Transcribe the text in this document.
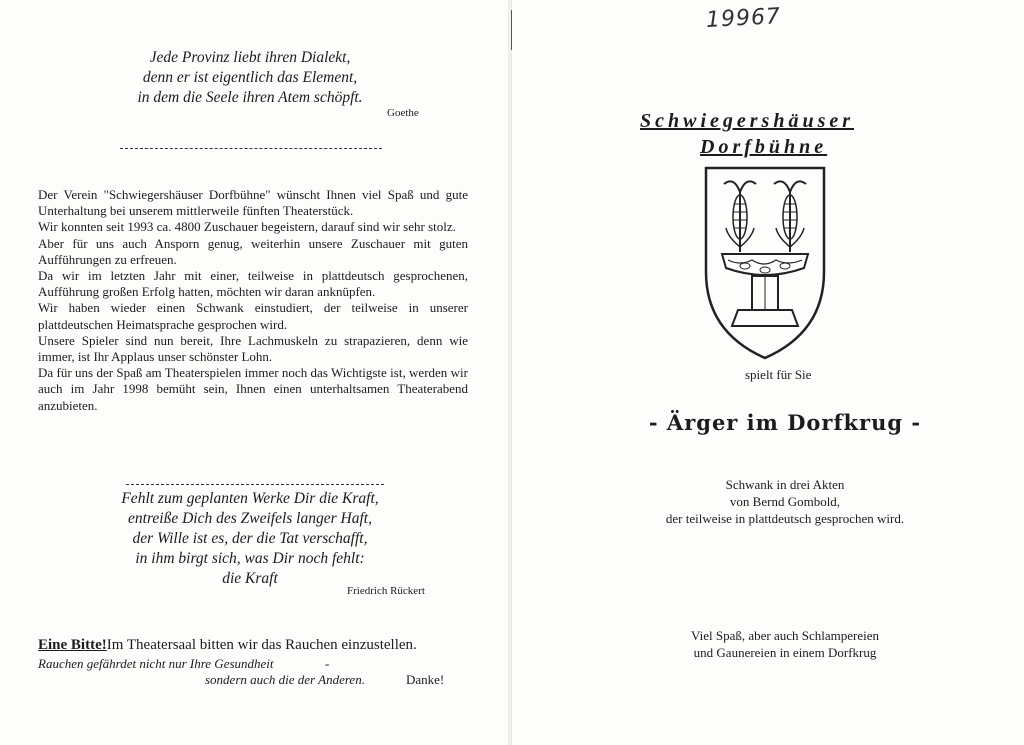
Jede Provinz liebt ihren Dialekt,
denn er ist eigentlich das Element,
in dem die Seele ihren Atem schöpft.
Goethe

Der Verein "Schwiegershäuser Dorfbühne" wünscht Ihnen viel Spaß und gute Unterhaltung bei unserem mittlerweile fünften Theaterstück.

Wir konnten seit 1993 ca. 4800 Zuschauer begeistern, darauf sind wir sehr stolz.

Aber für uns auch Ansporn genug, weiterhin unsere Zuschauer mit guten Aufführungen zu erfreuen.

Da wir im letzten Jahr mit einer, teilweise in plattdeutsch gesprochenen, Aufführung großen Erfolg hatten, möchten wir daran anknüpfen.

Wir haben wieder einen Schwank einstudiert, der teilweise in unserer plattdeutschen Heimatsprache gesprochen wird.

Unsere Spieler sind nun bereit, Ihre Lachmuskeln zu strapazieren, denn wie immer, ist Ihr Applaus unser schönster Lohn.

Da für uns der Spaß am Theaterspielen immer noch das Wichtigste ist, werden wir auch im Jahr 1998 bemüht sein, Ihnen einen unterhaltsamen Theaterabend anzubieten.

Fehlt zum geplanten Werke Dir die Kraft,
entreiße Dich des Zweifels langer Haft,
der Wille ist es, der die Tat verschafft,
in ihm birgt sich, was Dir noch fehlt:
die Kraft
Friedrich Rückert
Eine Bitte!Im Theatersaal bitten wir das Rauchen einzustellen.
Rauchen gefährdet nicht nur Ihre Gesundheit	-
sondern auch die der Anderen.	Danke!
19967
Schwiegershäuser
Dorfbühne
spielt für Sie
- Ärger im Dorfkrug -
Schwank in drei Akten
von Bernd Gombold,
der teilweise in plattdeutsch gesprochen wird.
Viel Spaß, aber auch Schlampereien
und Gaunereien in einem Dorfkrug
